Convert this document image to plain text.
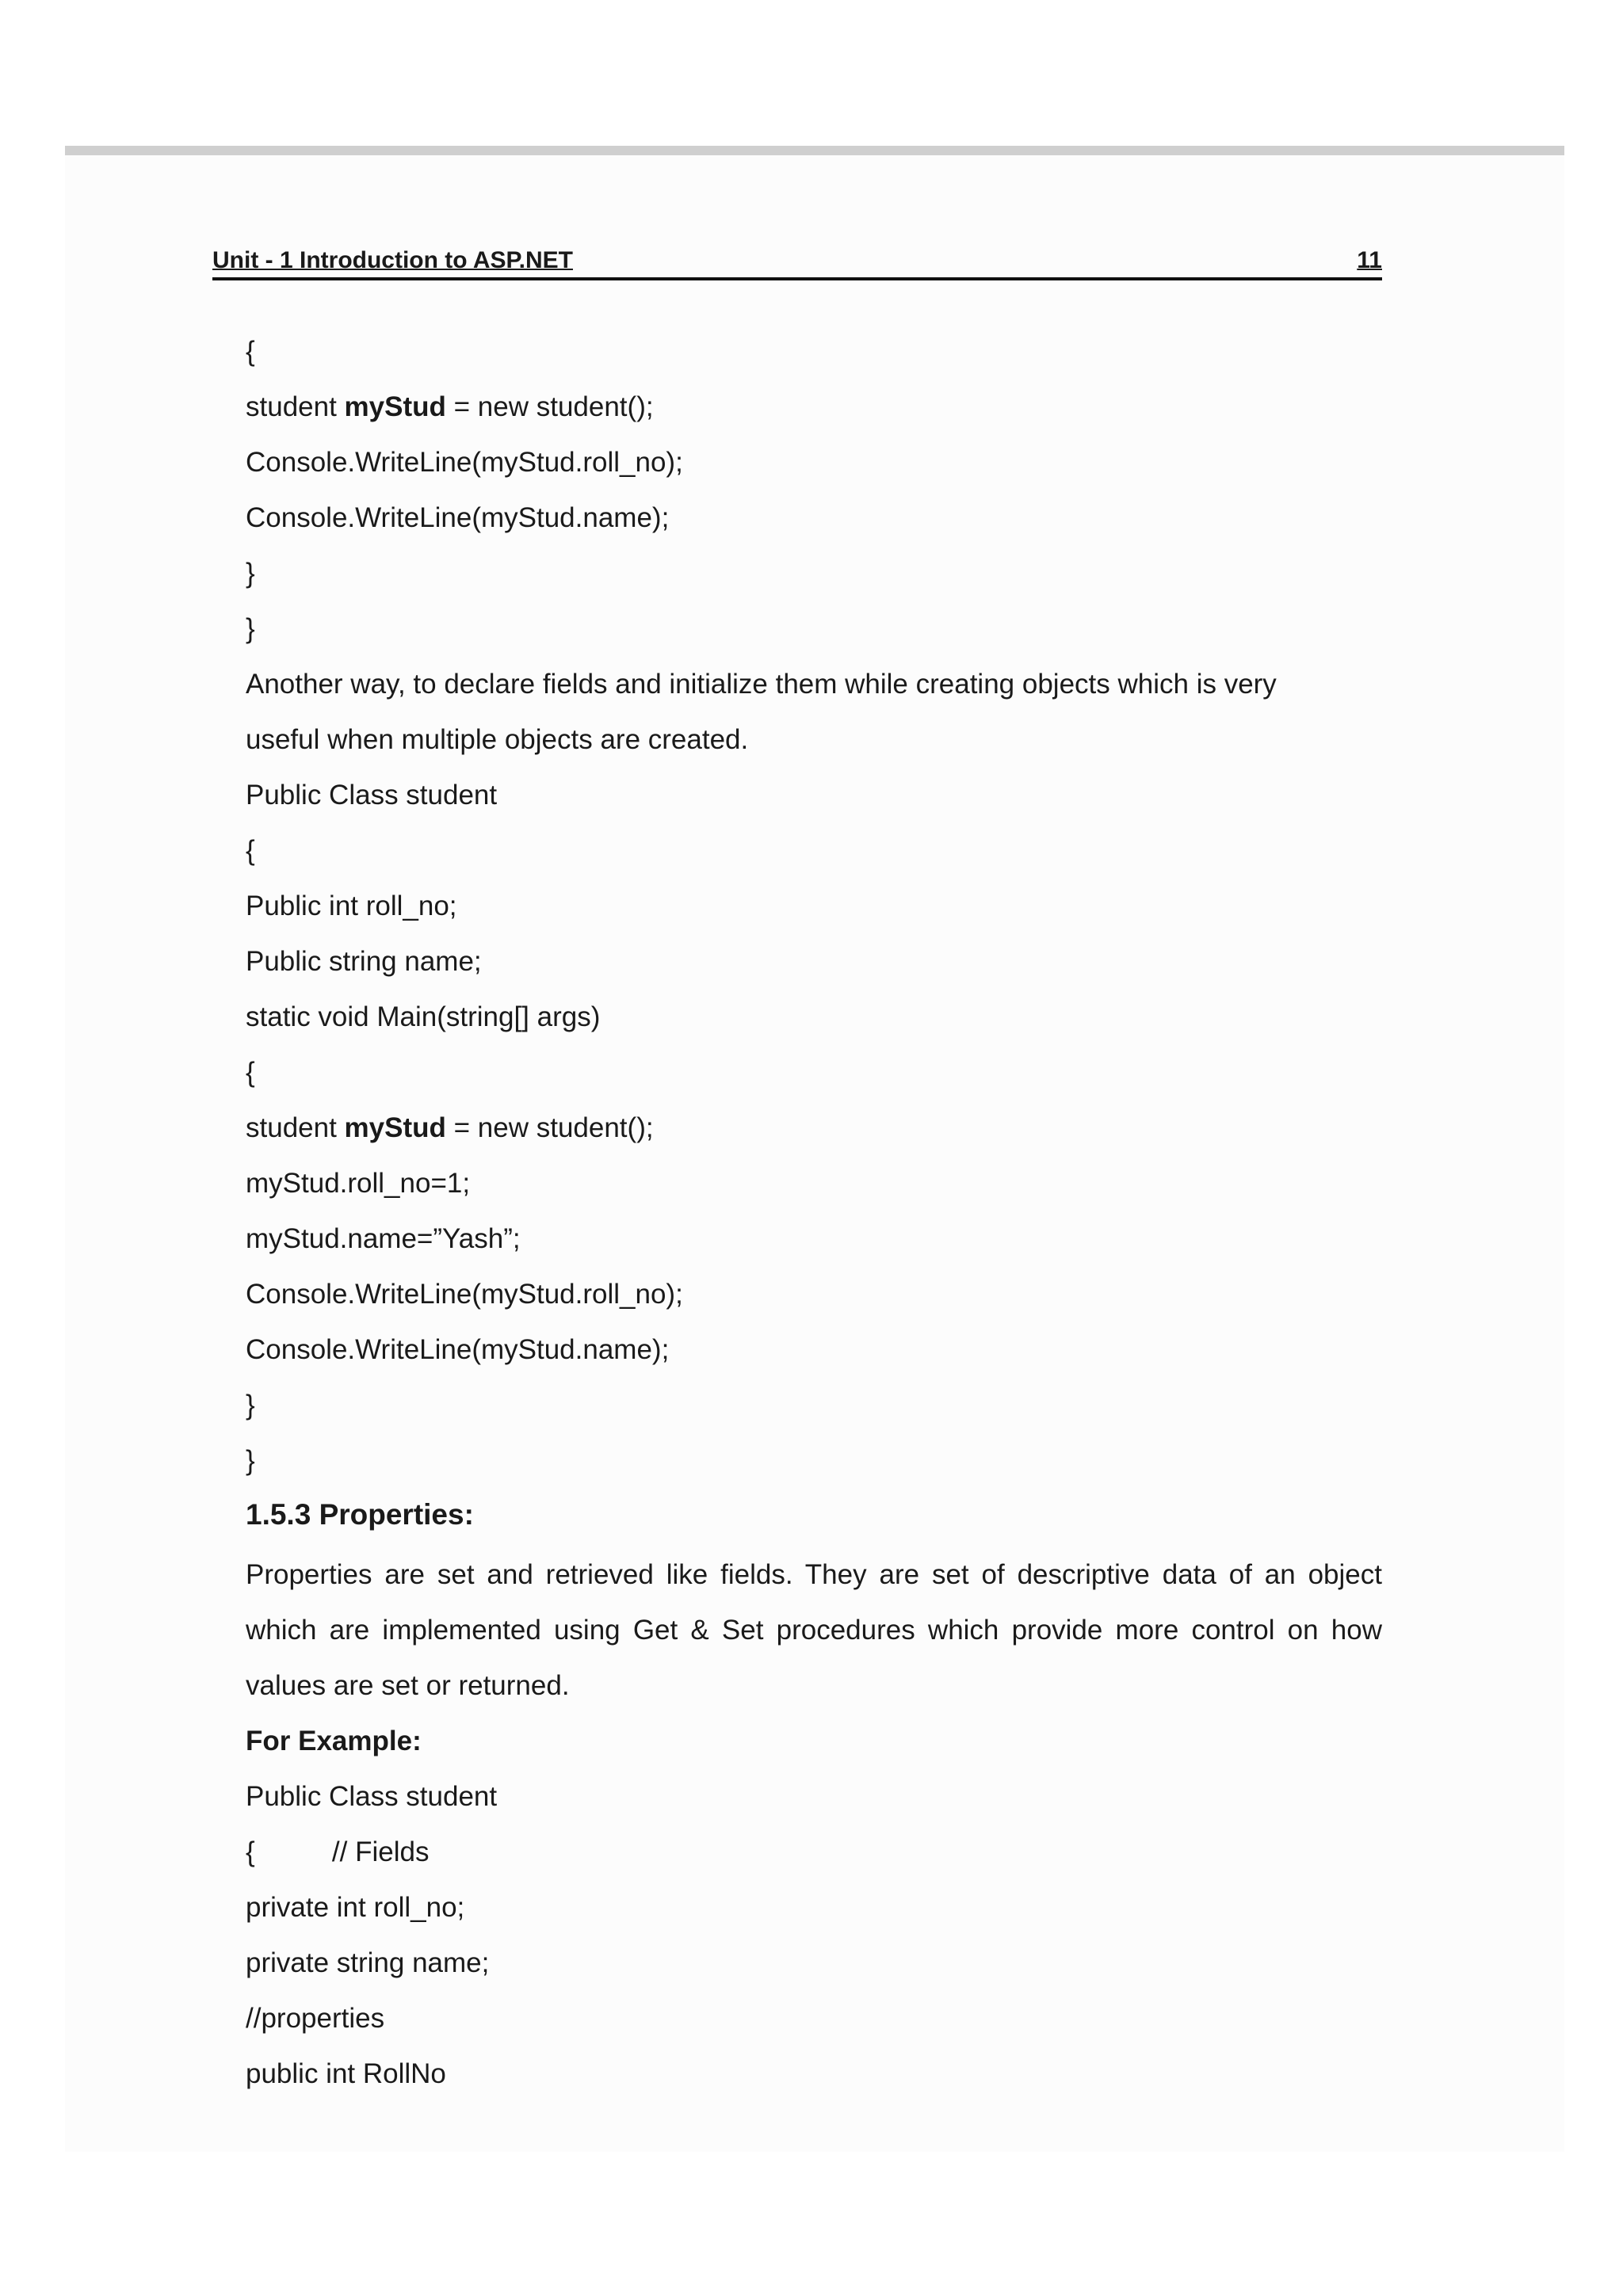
Unit - 1 Introduction to ASP.NET	11
{
student myStud = new student();
Console.WriteLine(myStud.roll_no);
Console.WriteLine(myStud.name);
}
}
Another way, to declare fields and initialize them while creating objects which is very
useful when multiple objects are created.
Public Class student
{
Public int roll_no;
Public string name;
static void Main(string[] args)
{
student myStud = new student();
myStud.roll_no=1;
myStud.name=”Yash”;
Console.WriteLine(myStud.roll_no);
Console.WriteLine(myStud.name);
}
}
1.5.3 Properties:
Properties are set and retrieved like fields. They are set of descriptive data of an object
which are implemented using Get & Set procedures which provide more control on how
values are set or returned.
For Example:
Public Class student
{          // Fields
private int roll_no;
private string name;
//properties
public int RollNo
